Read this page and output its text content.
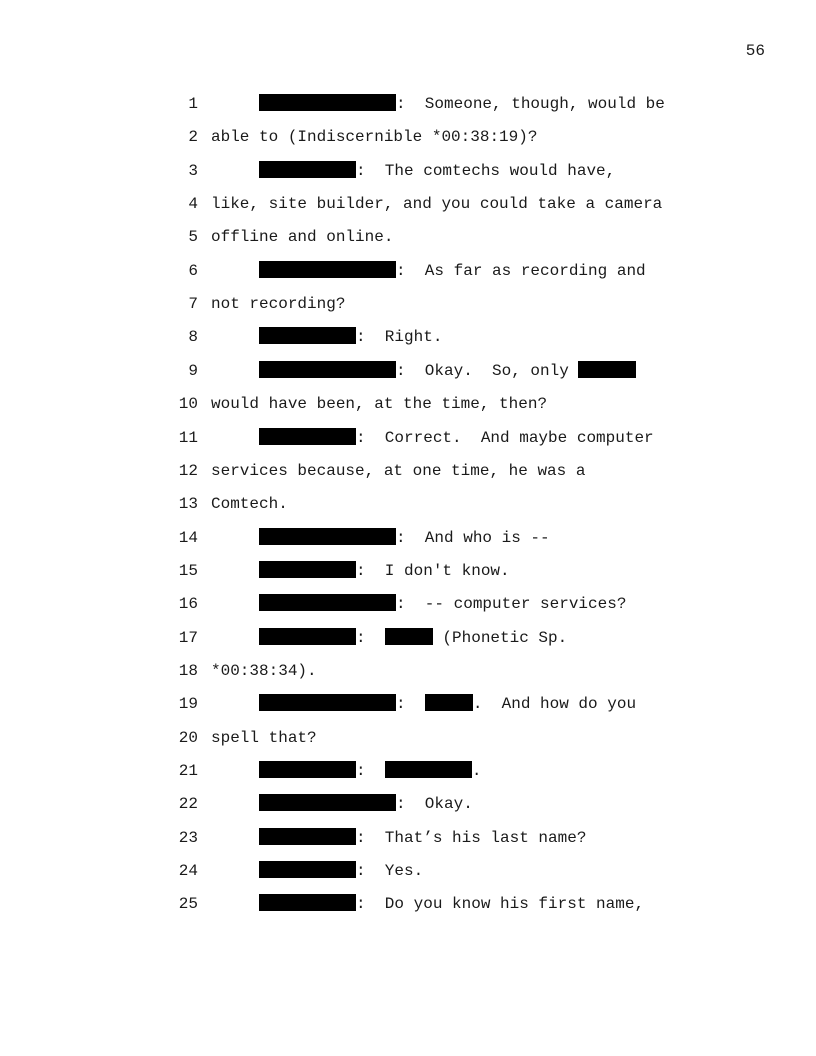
56
1	:  Someone, though, would be
2 able to (Indiscernible *00:38:19)?
3	:  The comtechs would have,
4 like, site builder, and you could take a camera
5 offline and online.
6	:  As far as recording and
7 not recording?
8	:  Right.
9	:  Okay.  So, only
10 would have been, at the time, then?
11	:  Correct.  And maybe computer
12 services because, at one time, he was a
13 Comtech.
14	:  And who is --
15	:  I don't know.
16	:  -- computer services?
17	:	(Phonetic Sp.
18 *00:38:34).
19	:	.  And how do you
20 spell that?
21	:	.
22	:  Okay.
23	:  That’s his last name?
24	:  Yes.
25	:  Do you know his first name,
